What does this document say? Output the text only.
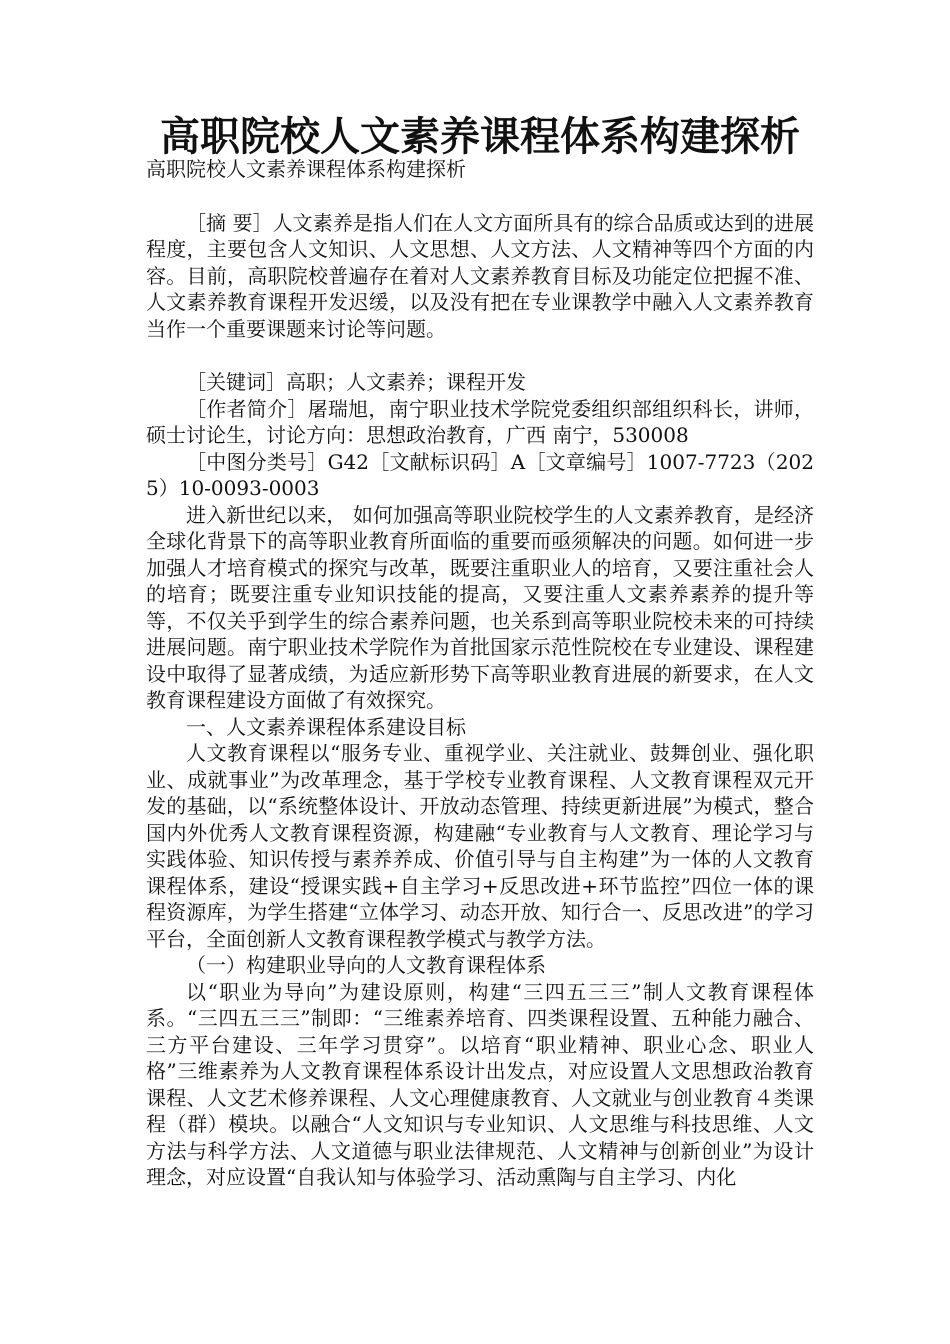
高职院校人文素养课程体系构建探析

高职院校人文素养课程体系构建探析

［摘 要］人文素养是指人们在人文方面所具有的综合品质或达到的进展程度，主要包含人文知识、人文思想、人文方法、人文精神等四个方面的内容。目前，高职院校普遍存在着对人文素养教育目标及功能定位把握不准、人文素养教育课程开发迟缓，以及没有把在专业课教学中融入人文素养教育当作一个重要课题来讨论等问题。

［关键词］高职；人文素养；课程开发

［作者简介］屠瑞旭，南宁职业技术学院党委组织部组织科长，讲师，硕士讨论生，讨论方向：思想政治教育，广西 南宁，530008

［中图分类号］G42［文献标识码］A［文章编号］1007-7723（2025）10-0093-0003

进入新世纪以来， 如何加强高等职业院校学生的人文素养教育，是经济全球化背景下的高等职业教育所面临的重要而亟须解决的问题。如何进一步加强人才培育模式的探究与改革，既要注重职业人的培育，又要注重社会人的培育；既要注重专业知识技能的提高，又要注重人文素养素养的提升等等，不仅关乎到学生的综合素养问题，也关系到高等职业院校未来的可持续进展问题。南宁职业技术学院作为首批国家示范性院校在专业建设、课程建设中取得了显著成绩，为适应新形势下高等职业教育进展的新要求，在人文教育课程建设方面做了有效探究。

一、人文素养课程体系建设目标

人文教育课程以“服务专业、重视学业、关注就业、鼓舞创业、强化职业、成就事业”为改革理念，基于学校专业教育课程、人文教育课程双元开发的基础，以“系统整体设计、开放动态管理、持续更新进展”为模式，整合国内外优秀人文教育课程资源，构建融“专业教育与人文教育、理论学习与实践体验、知识传授与素养养成、价值引导与自主构建”为一体的人文教育课程体系，建设“授课实践+自主学习+反思改进+环节监控”四位一体的课程资源库，为学生搭建“立体学习、动态开放、知行合一、反思改进”的学习平台，全面创新人文教育课程教学模式与教学方法。

（一）构建职业导向的人文教育课程体系

以“职业为导向”为建设原则，构建“三四五三三”制人文教育课程体系。“三四五三三”制即：“三维素养培育、四类课程设置、五种能力融合、三方平台建设、三年学习贯穿”。以培育“职业精神、职业心念、职业人格”三维素养为人文教育课程体系设计出发点，对应设置人文思想政治教育课程、人文艺术修养课程、人文心理健康教育、人文就业与创业教育４类课程（群）模块。以融合“人文知识与专业知识、人文思维与科技思维、人文方法与科学方法、人文道德与职业法律规范、人文精神与创新创业”为设计理念，对应设置“自我认知与体验学习、活动熏陶与自主学习、内化
